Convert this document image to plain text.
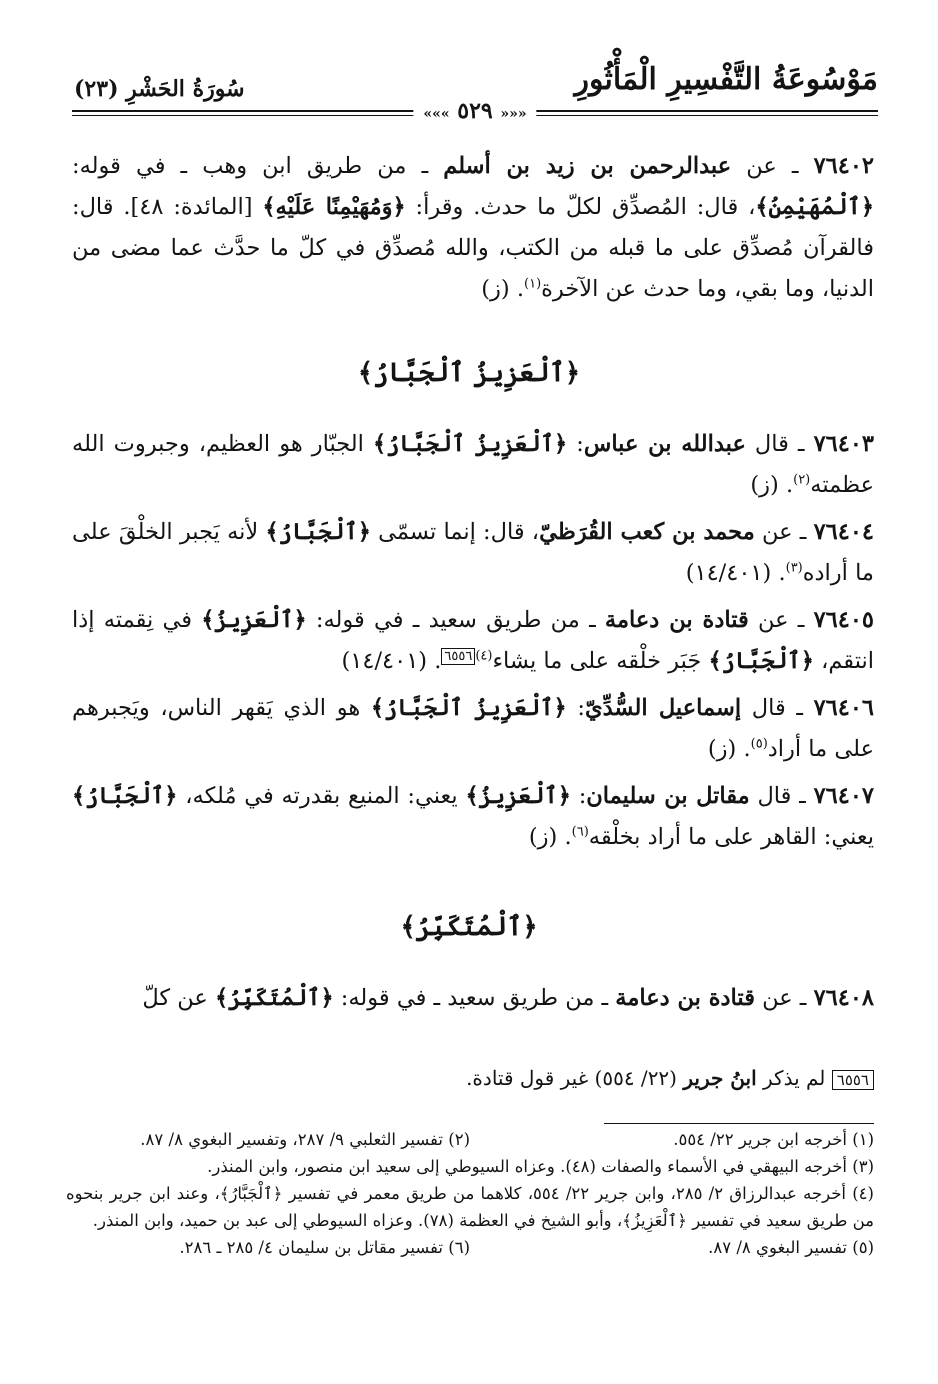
مَوْسُوعَةُ التَّفْسِيرِ الْمَأْثُورِ
سُورَةُ الحَشْرِ (٢٣)
««« ٥٢٩ »»»

٧٦٤٠٢ ـ عن عبدالرحمن بن زيد بن أسلم ـ من طريق ابن وهب ـ في قوله: ﴿ٱلْمُهَيْمِنُ﴾، قال: المُصدِّق لكلّ ما حدث. وقرأ: ﴿وَمُهَيْمِنًا عَلَيْهِ﴾ [المائدة: ٤٨]. قال: فالقرآن مُصدِّق على ما قبله من الكتب، والله مُصدِّق في كلّ ما حدَّث عما مضى من الدنيا، وما بقي، وما حدث عن الآخرة$^{(١)}$. (ز)

﴿ٱلْعَزِيزُ ٱلْجَبَّارُ﴾

٧٦٤٠٣ ـ قال عبدالله بن عباس: ﴿ٱلْعَزِيزُ ٱلْجَبَّارُ﴾ الجبّار هو العظيم، وجبروت الله عظمته$^{(٢)}$. (ز)

٧٦٤٠٤ ـ عن محمد بن كعب القُرَظيّ، قال: إنما تسمّى ﴿ٱلْجَبَّارُ﴾ لأنه يَجبر الخلْقَ على ما أراده$^{(٣)}$. (١٤/٤٠١)

٧٦٤٠٥ ـ عن قتادة بن دعامة ـ من طريق سعيد ـ في قوله: ﴿ٱلْعَزِيزُ﴾ في نِقمته إذا انتقم، ﴿ٱلْجَبَّارُ﴾ جَبَر خلْقه على ما يشاء$^{(٤)٦٥٥٦}$. (١٤/٤٠١)

٧٦٤٠٦ ـ قال إسماعيل السُّدِّيّ: ﴿ٱلْعَزِيزُ ٱلْجَبَّارُ﴾ هو الذي يَقهر الناس، ويَجبرهم على ما أراد$^{(٥)}$. (ز)

٧٦٤٠٧ ـ قال مقاتل بن سليمان: ﴿ٱلْعَزِيزُ﴾ يعني: المنيع بقدرته في مُلكه، ﴿ٱلْجَبَّارُ﴾ يعني: القاهر على ما أراد بخلْقه$^{(٦)}$. (ز)

﴿ٱلْمُتَكَبِّرُ﴾

٧٦٤٠٨ ـ عن قتادة بن دعامة ـ من طريق سعيد ـ في قوله: ﴿ٱلْمُتَكَبِّرُ﴾ عن كلّ

٦٥٥٦ لم يذكر ابنُ جرير (٢٢/ ٥٥٤) غير قول قتادة.
(١) أخرجه ابن جرير ٢٢/ ٥٥٤.
(٢) تفسير الثعلبي ٩/ ٢٨٧، وتفسير البغوي ٨/ ٨٧.
(٣) أخرجه البيهقي في الأسماء والصفات (٤٨). وعزاه السيوطي إلى سعيد ابن منصور، وابن المنذر.
(٤) أخرجه عبدالرزاق ٢/ ٢٨٥، وابن جرير ٢٢/ ٥٥٤، كلاهما من طريق معمر في تفسير ﴿ٱلْجَبَّارُ﴾، وعند ابن جرير بنحوه من طريق سعيد في تفسير ﴿ٱلْعَزِيزُ﴾، وأبو الشيخ في العظمة (٧٨). وعزاه السيوطي إلى عبد بن حميد، وابن المنذر.
(٥) تفسير البغوي ٨/ ٨٧.
(٦) تفسير مقاتل بن سليمان ٤/ ٢٨٥ ـ ٢٨٦.
